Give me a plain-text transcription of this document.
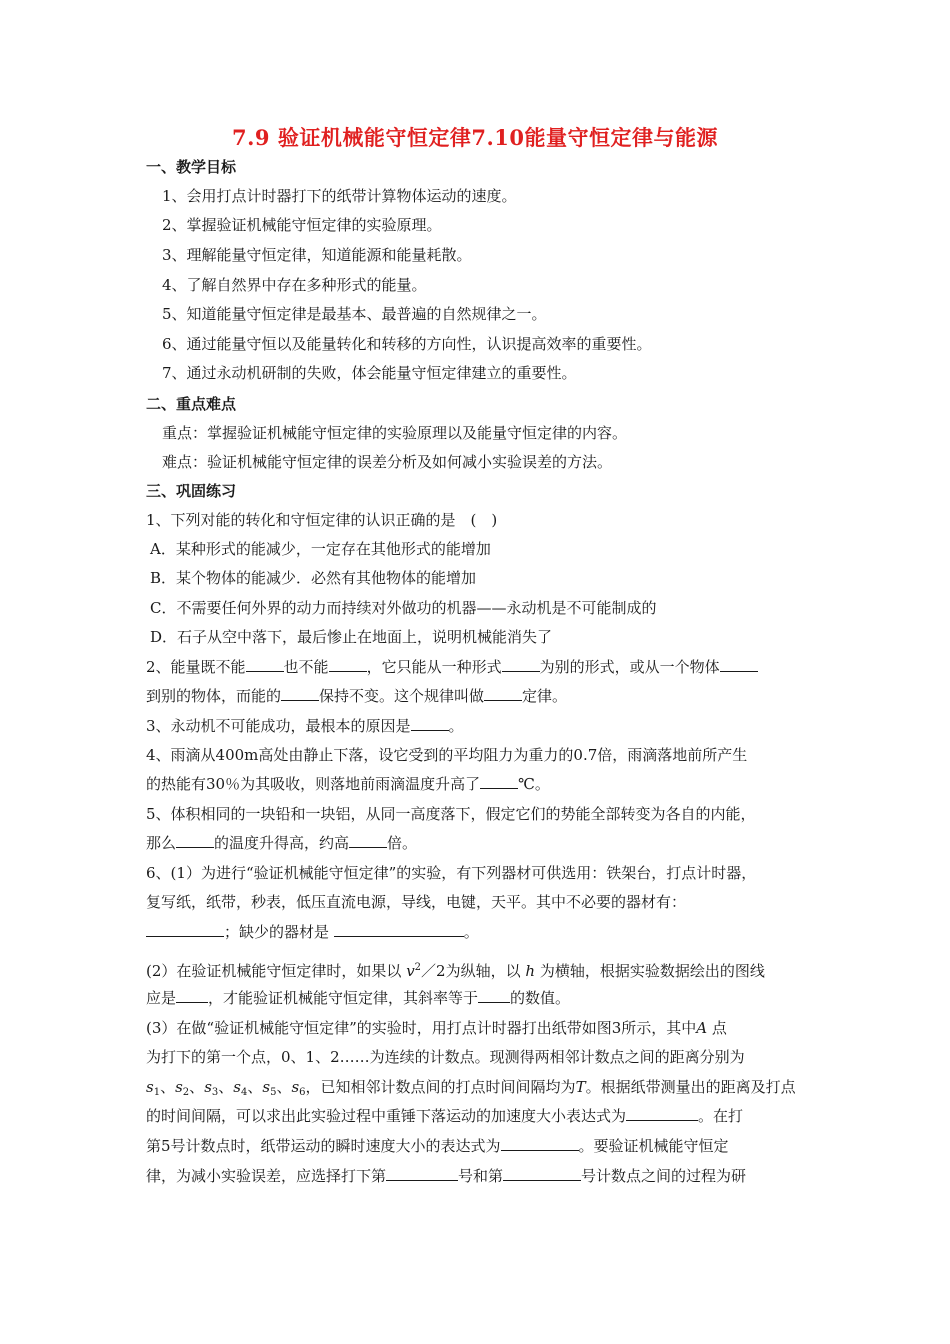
7.9 验证机械能守恒定律7.10能量守恒定律与能源
一、教学目标
1、会用打点计时器打下的纸带计算物体运动的速度。
2、掌握验证机械能守恒定律的实验原理。
3、理解能量守恒定律，知道能源和能量耗散。
4、了解自然界中存在多种形式的能量。
5、知道能量守恒定律是最基本、最普遍的自然规律之一。
6、通过能量守恒以及能量转化和转移的方向性，认识提高效率的重要性。
7、通过永动机研制的失败，体会能量守恒定律建立的重要性。
二、重点难点
重点：掌握验证机械能守恒定律的实验原理以及能量守恒定律的内容。
难点：验证机械能守恒定律的误差分析及如何减小实验误差的方法。
三、巩固练习
1、下列对能的转化和守恒定律的认识正确的是　(　)
A．某种形式的能减少，一定存在其他形式的能增加
B．某个物体的能减少．必然有其他物体的能增加
C．不需要任何外界的动力而持续对外做功的机器——永动机是不可能制成的
D．石子从空中落下，最后惨止在地面上，说明机械能消失了
2、能量既不能	也不能	，它只能从一种形式	为别的形式，或从一个物体
到别的物体，而能的	保持不变。这个规律叫做	定律。
3、永动机不可能成功，最根本的原因是	。
4、雨滴从400m高处由静止下落，设它受到的平均阻力为重力的0.7倍，雨滴落地前所产生
的热能有30％为其吸收，则落地前雨滴温度升高了	℃。
5、体积相同的一块铅和一块铝，从同一高度落下，假定它们的势能全部转变为各自的内能，
那么	的温度升得高，约高	倍。
6、(1）为进行“验证机械能守恒定律”的实验，有下列器材可供选用：铁架台，打点计时器，
复写纸，纸带，秒表，低压直流电源，导线，电键，天平。其中不必要的器材有：
；缺少的器材是	。
(2）在验证机械能守恒定律时，如果以 $v^2/2$为纵轴，以 h 为横轴，根据实验数据绘出的图线
应是 ，才能验证机械能守恒定律，其斜率等于 的数值。
(3）在做“验证机械能守恒定律”的实验时，用打点计时器打出纸带如图3所示，其中A 点
为打下的第一个点，0、1、2……为连续的计数点。现测得两相邻计数点之间的距离分别为
$s_1$、$s_2$、$s_3$、$s_4$、$s_5$、$s_6$，已知相邻计数点间的打点时间间隔均为T。根据纸带测量出的距离及打点
的时间间隔，可以求出此实验过程中重锤下落运动的加速度大小表达式为	。在打
第5号计数点时，纸带运动的瞬时速度大小的表达式为	。要验证机械能守恒定
律，为减小实验误差，应选择打下第	号和第	号计数点之间的过程为研
